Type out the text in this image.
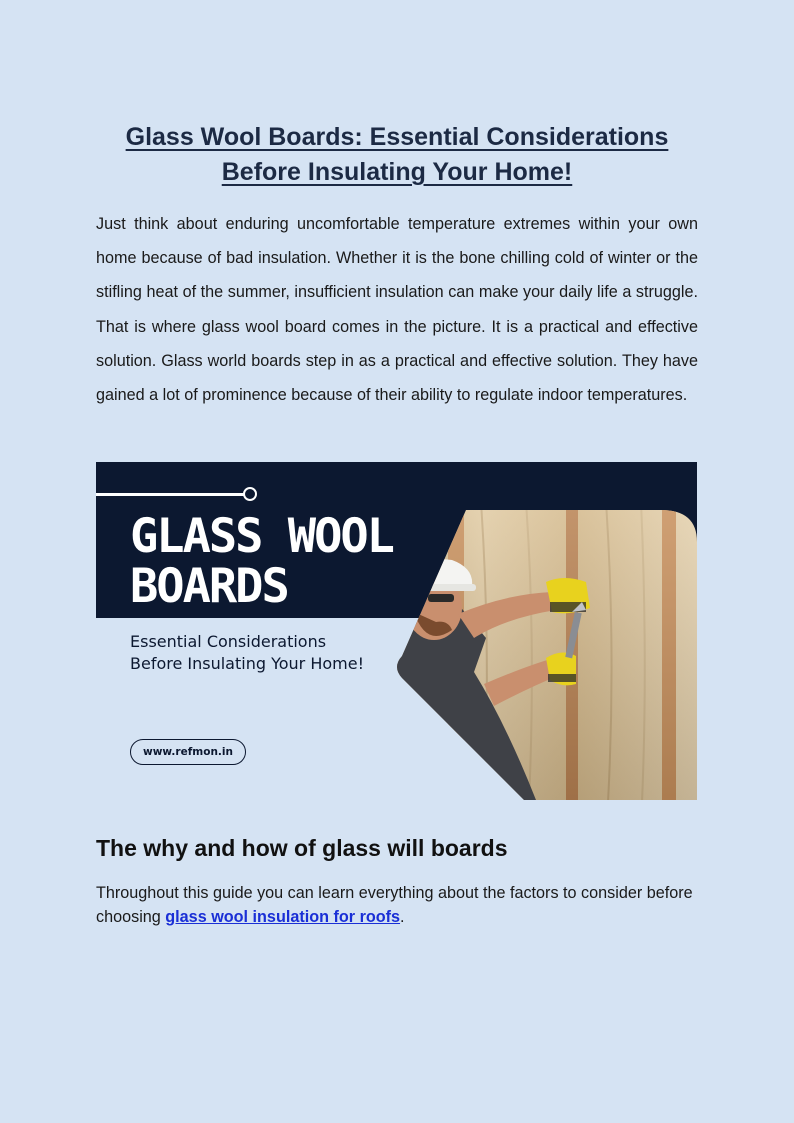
Glass Wool Boards: Essential Considerations
Before Insulating Your Home!

Just think about enduring uncomfortable temperature extremes within your own home because of bad insulation. Whether it is the bone chilling cold of winter or the stifling heat of the summer, insufficient insulation can make your daily life a struggle. That is where glass wool board comes in the picture. It is a practical and effective solution. Glass world boards step in as a practical and effective solution. They have gained a lot of prominence because of their ability to regulate indoor temperatures.

GLASS WOOL
BOARDS

Essential Considerations
Before Insulating Your Home!

www.refmon.in
The why and how of glass will boards

Throughout this guide you can learn everything about the factors to consider before choosing glass wool insulation for roofs.
